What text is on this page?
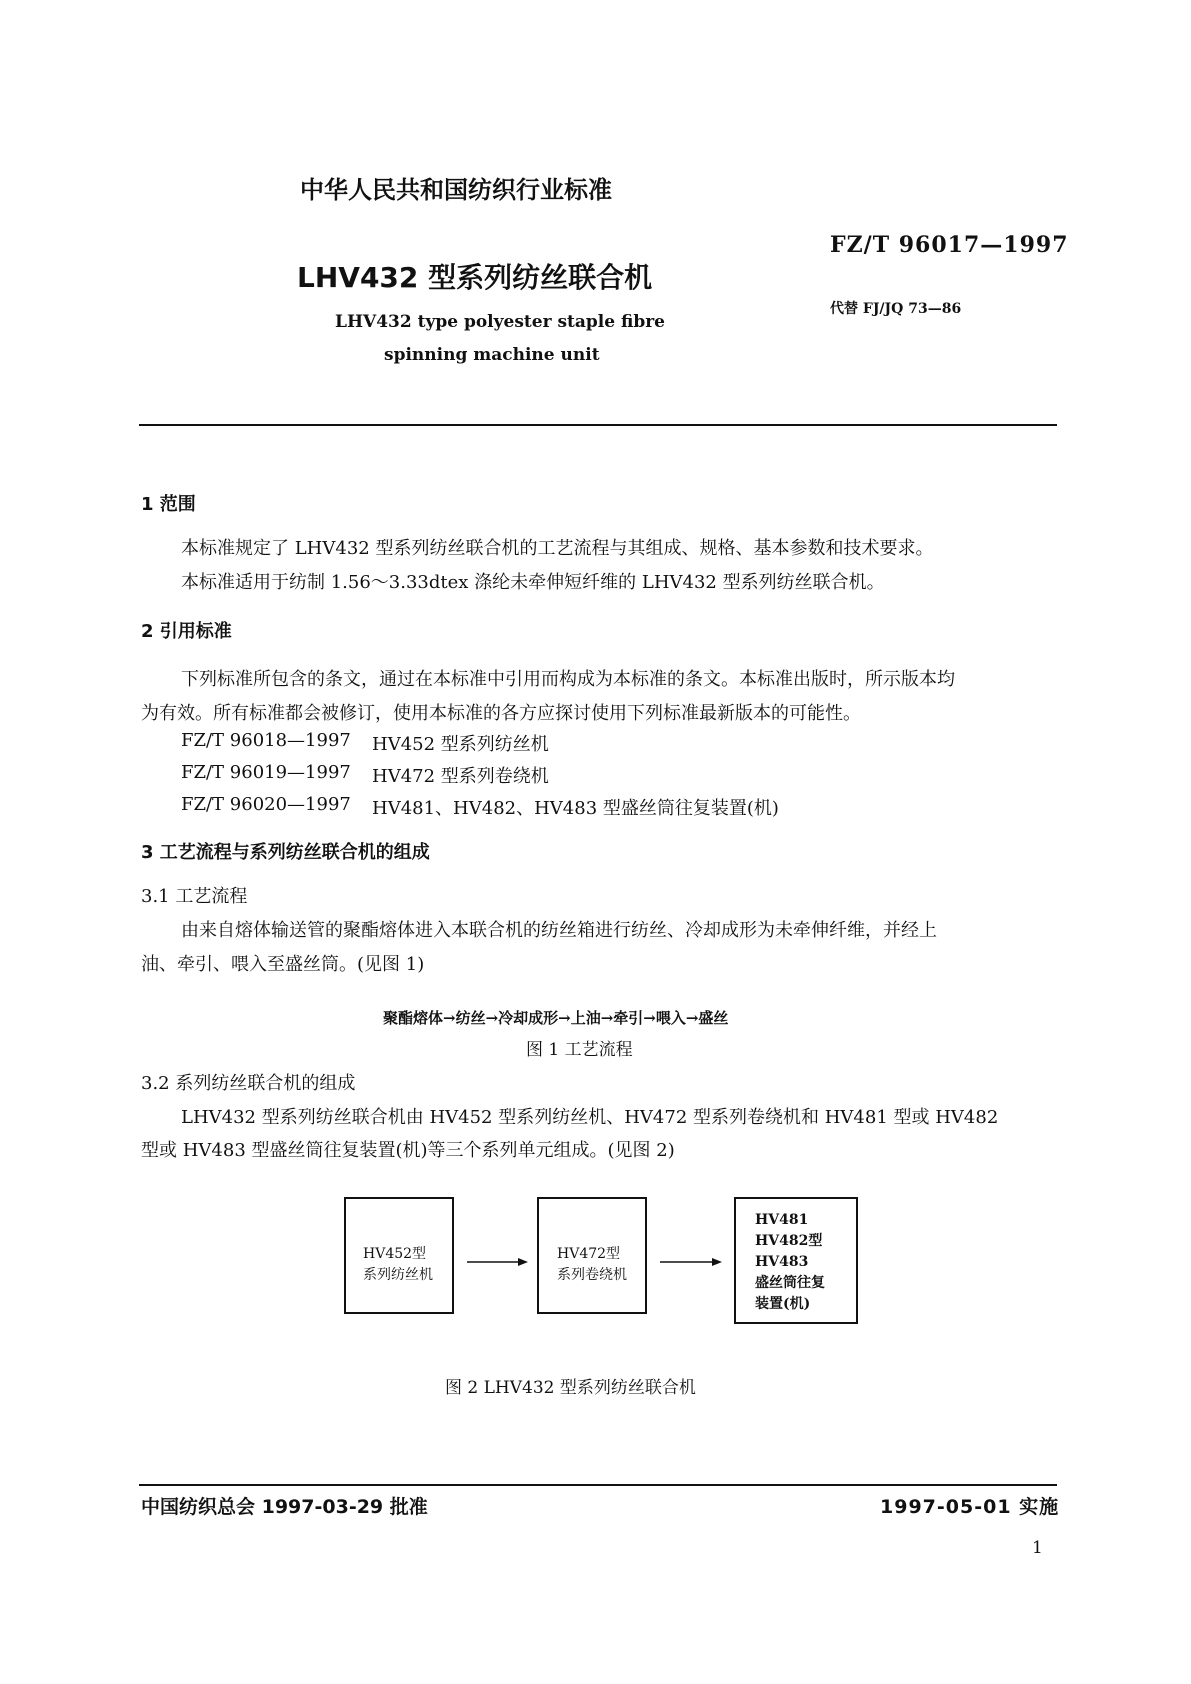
中华人民共和国纺织行业标准
LHV432 型系列纺丝联合机
LHV432 type polyester staple fibre
spinning machine unit
FZ/T 96017—1997
代替 FJ/JQ 73—86
1 范围
本标准规定了 LHV432 型系列纺丝联合机的工艺流程与其组成、规格、基本参数和技术要求。
本标准适用于纺制 1.56～3.33dtex 涤纶未牵伸短纤维的 LHV432 型系列纺丝联合机。
2 引用标准
下列标准所包含的条文，通过在本标准中引用而构成为本标准的条文。本标准出版时，所示版本均
为有效。所有标准都会被修订，使用本标准的各方应探讨使用下列标准最新版本的可能性。
FZ/T 96018—1997 HV452 型系列纺丝机
FZ/T 96019—1997 HV472 型系列卷绕机
FZ/T 96020—1997 HV481、HV482、HV483 型盛丝筒往复装置(机)
3 工艺流程与系列纺丝联合机的组成
3.1 工艺流程
由来自熔体输送管的聚酯熔体进入本联合机的纺丝箱进行纺丝、冷却成形为未牵伸纤维，并经上
油、牵引、喂入至盛丝筒。(见图 1)
聚酯熔体→纺丝→冷却成形→上油→牵引→喂入→盛丝
图 1 工艺流程
3.2 系列纺丝联合机的组成
LHV432 型系列纺丝联合机由 HV452 型系列纺丝机、HV472 型系列卷绕机和 HV481 型或 HV482
型或 HV483 型盛丝筒往复装置(机)等三个系列单元组成。(见图 2)
HV452型
系列纺丝机
HV472型
系列卷绕机
HV481
HV482型
HV483
盛丝筒往复
装置(机)
图 2 LHV432 型系列纺丝联合机
中国纺织总会 1997-03-29 批准	1997-05-01 实施
1
